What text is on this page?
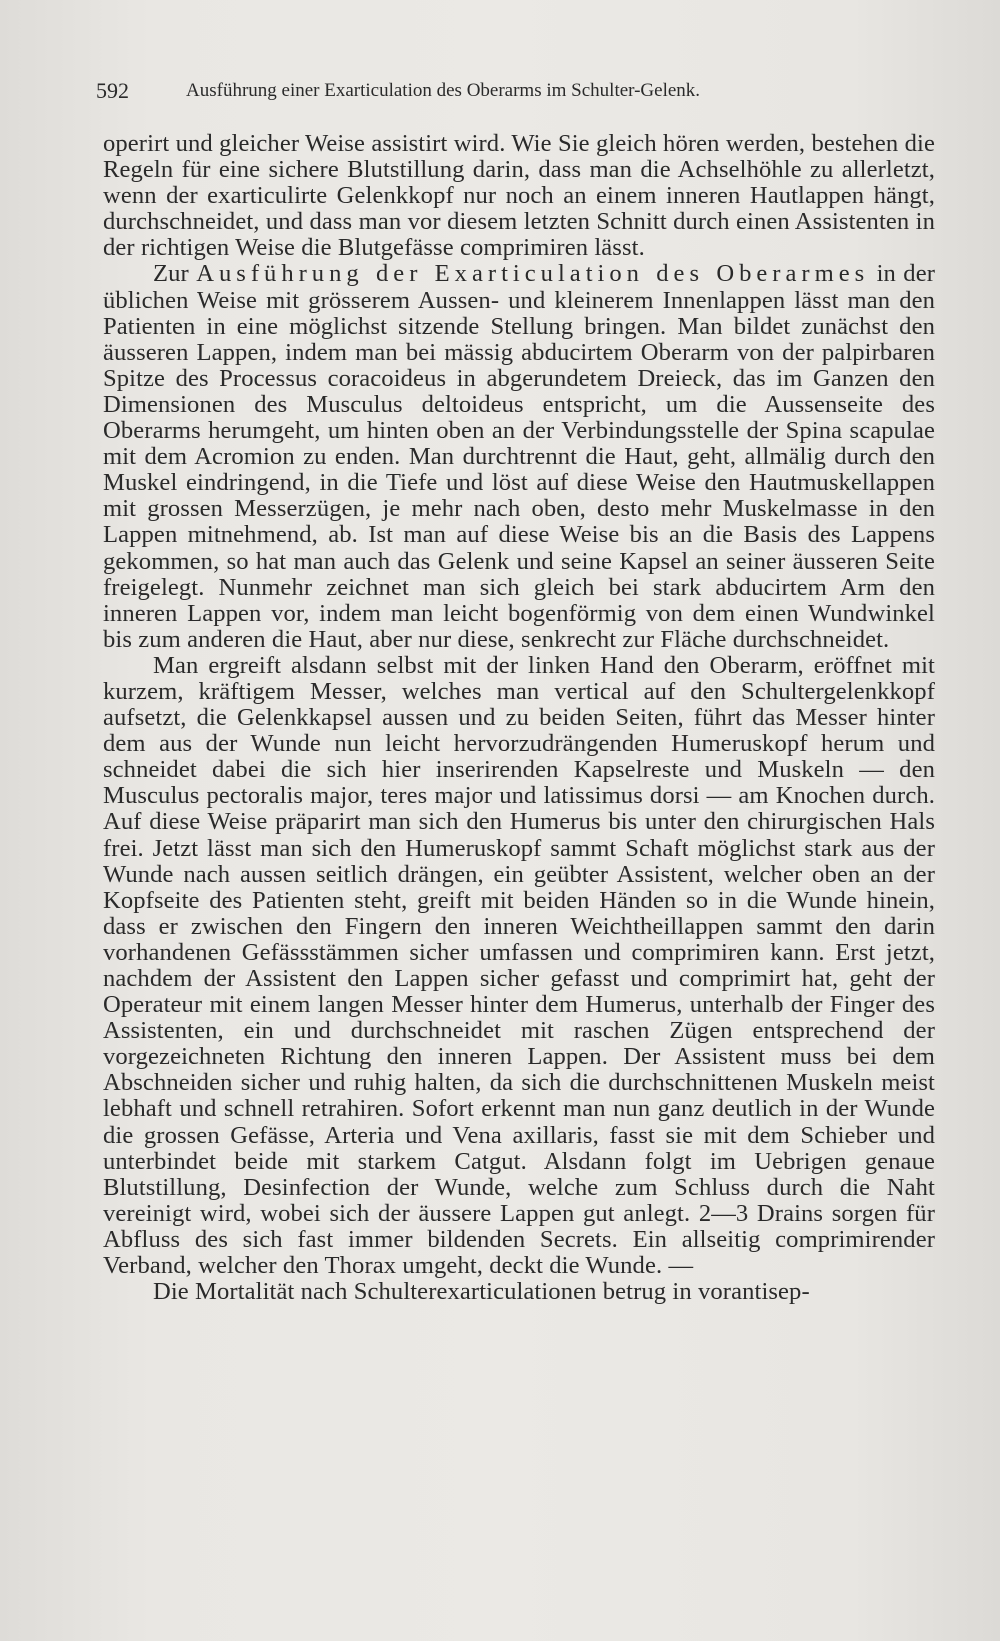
592	Ausführung einer Exarticulation des Oberarms im Schulter-Gelenk.

operirt und gleicher Weise assistirt wird. Wie Sie gleich hören werden, bestehen die Regeln für eine sichere Blutstillung darin, dass man die Achselhöhle zu allerletzt, wenn der exarticulirte Gelenkkopf nur noch an einem inneren Hautlappen hängt, durchschneidet, und dass man vor diesem letzten Schnitt durch einen Assistenten in der richtigen Weise die Blutgefässe comprimiren lässt.

Zur Ausführung der Exarticulation des Oberarmes in der üblichen Weise mit grösserem Aussen- und kleinerem Innenlappen lässt man den Patienten in eine möglichst sitzende Stellung bringen. Man bildet zunächst den äusseren Lappen, indem man bei mässig abducirtem Oberarm von der palpirbaren Spitze des Processus coracoideus in abgerundetem Dreieck, das im Ganzen den Dimensionen des Musculus deltoideus entspricht, um die Aussenseite des Oberarms herumgeht, um hinten oben an der Verbindungsstelle der Spina scapulae mit dem Acromion zu enden. Man durchtrennt die Haut, geht, allmälig durch den Muskel eindringend, in die Tiefe und löst auf diese Weise den Hautmuskellappen mit grossen Messerzügen, je mehr nach oben, desto mehr Muskelmasse in den Lappen mitnehmend, ab. Ist man auf diese Weise bis an die Basis des Lappens gekommen, so hat man auch das Gelenk und seine Kapsel an seiner äusseren Seite freigelegt. Nunmehr zeichnet man sich gleich bei stark abducirtem Arm den inneren Lappen vor, indem man leicht bogenförmig von dem einen Wundwinkel bis zum anderen die Haut, aber nur diese, senkrecht zur Fläche durchschneidet.

Man ergreift alsdann selbst mit der linken Hand den Oberarm, eröffnet mit kurzem, kräftigem Messer, welches man vertical auf den Schultergelenkkopf aufsetzt, die Gelenkkapsel aussen und zu beiden Seiten, führt das Messer hinter dem aus der Wunde nun leicht hervorzudrängenden Humeruskopf herum und schneidet dabei die sich hier inserirenden Kapselreste und Muskeln — den Musculus pectoralis major, teres major und latissimus dorsi — am Knochen durch. Auf diese Weise präparirt man sich den Humerus bis unter den chirurgischen Hals frei. Jetzt lässt man sich den Humeruskopf sammt Schaft möglichst stark aus der Wunde nach aussen seitlich drängen, ein geübter Assistent, welcher oben an der Kopfseite des Patienten steht, greift mit beiden Händen so in die Wunde hinein, dass er zwischen den Fingern den inneren Weichtheillappen sammt den darin vorhandenen Gefässstämmen sicher umfassen und comprimiren kann. Erst jetzt, nachdem der Assistent den Lappen sicher gefasst und comprimirt hat, geht der Operateur mit einem langen Messer hinter dem Humerus, unterhalb der Finger des Assistenten, ein und durchschneidet mit raschen Zügen entsprechend der vorgezeichneten Richtung den inneren Lappen. Der Assistent muss bei dem Abschneiden sicher und ruhig halten, da sich die durchschnittenen Muskeln meist lebhaft und schnell retrahiren. Sofort erkennt man nun ganz deutlich in der Wunde die grossen Gefässe, Arteria und Vena axillaris, fasst sie mit dem Schieber und unterbindet beide mit starkem Catgut. Alsdann folgt im Uebrigen genaue Blutstillung, Desinfection der Wunde, welche zum Schluss durch die Naht vereinigt wird, wobei sich der äussere Lappen gut anlegt. 2—3 Drains sorgen für Abfluss des sich fast immer bildenden Secrets. Ein allseitig comprimirender Verband, welcher den Thorax umgeht, deckt die Wunde. —

Die Mortalität nach Schulterexarticulationen betrug in vorantisep-
